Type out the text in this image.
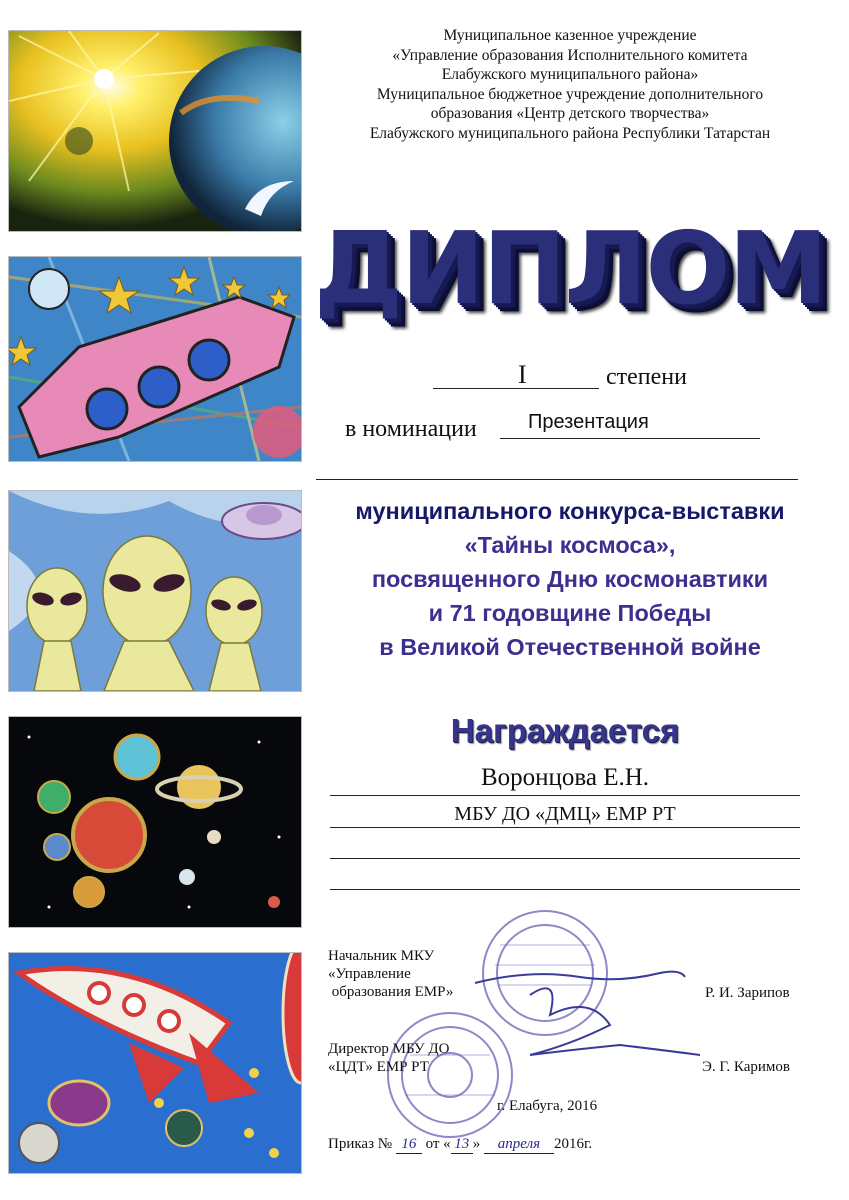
Муниципальное казенное учреждение
«Управление образования Исполнительного комитета
Елабужского муниципального района»
Муниципальное бюджетное учреждение дополнительного
образования «Центр детского творчества»
Елабужского муниципального района Республики Татарстан
ДИПЛОМ
I	степени
в номинации	Презентация
муниципального конкурса-выставки
«Тайны космоса»,
посвященного Дню космонавтики
и 71 годовщине Победы
в Великой Отечественной войне
Награждается
Воронцова Е.Н.
МБУ ДО «ДМЦ» ЕМР РТ
Начальник МКУ
«Управление
образования ЕМР»	Р. И. Зарипов
Директор МБУ ДО
«ЦДТ» ЕМР РТ	Э. Г. Каримов
г. Елабуга, 2016
Приказ № 16 от « 13 » апреля 2016г.
